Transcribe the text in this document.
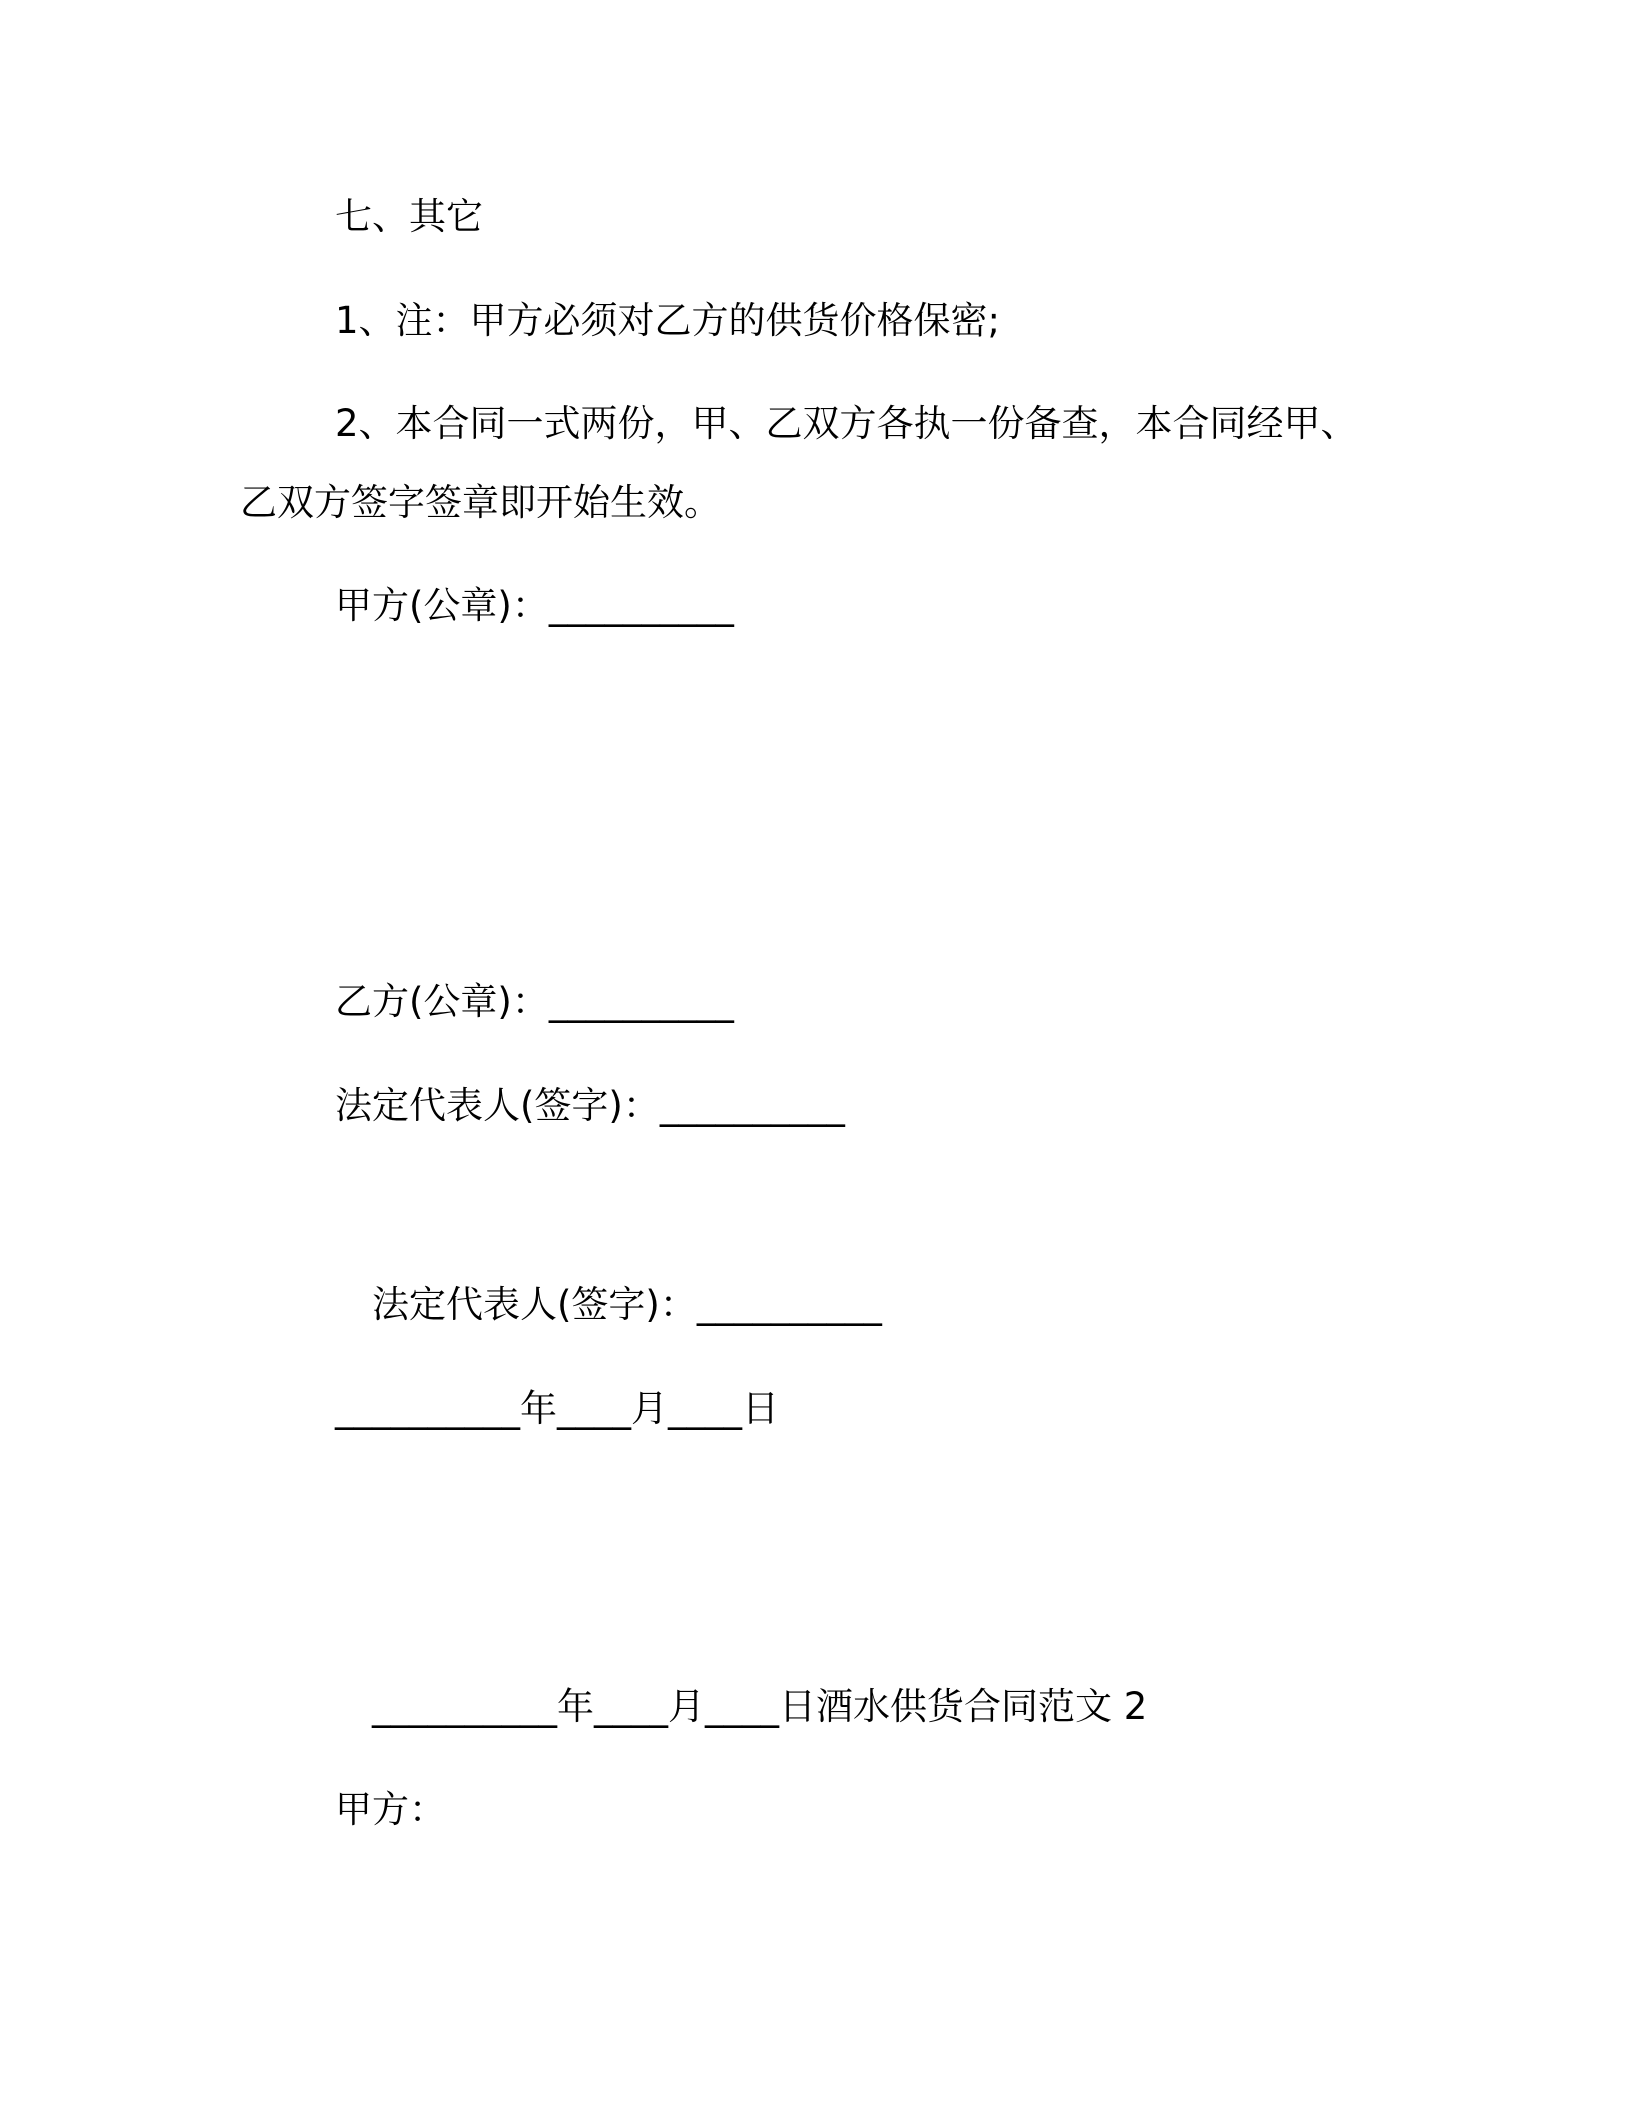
七、其它
1、注：甲方必须对乙方的供货价格保密;
2、本合同一式两份，甲、乙双方各执一份备查，本合同经甲、
乙双方签字签章即开始生效。
甲方(公章)：__________
乙方(公章)：__________
法定代表人(签字)：__________
法定代表人(签字)：__________
__________年____月____日
__________年____月____日酒水供货合同范文 2
甲方：
